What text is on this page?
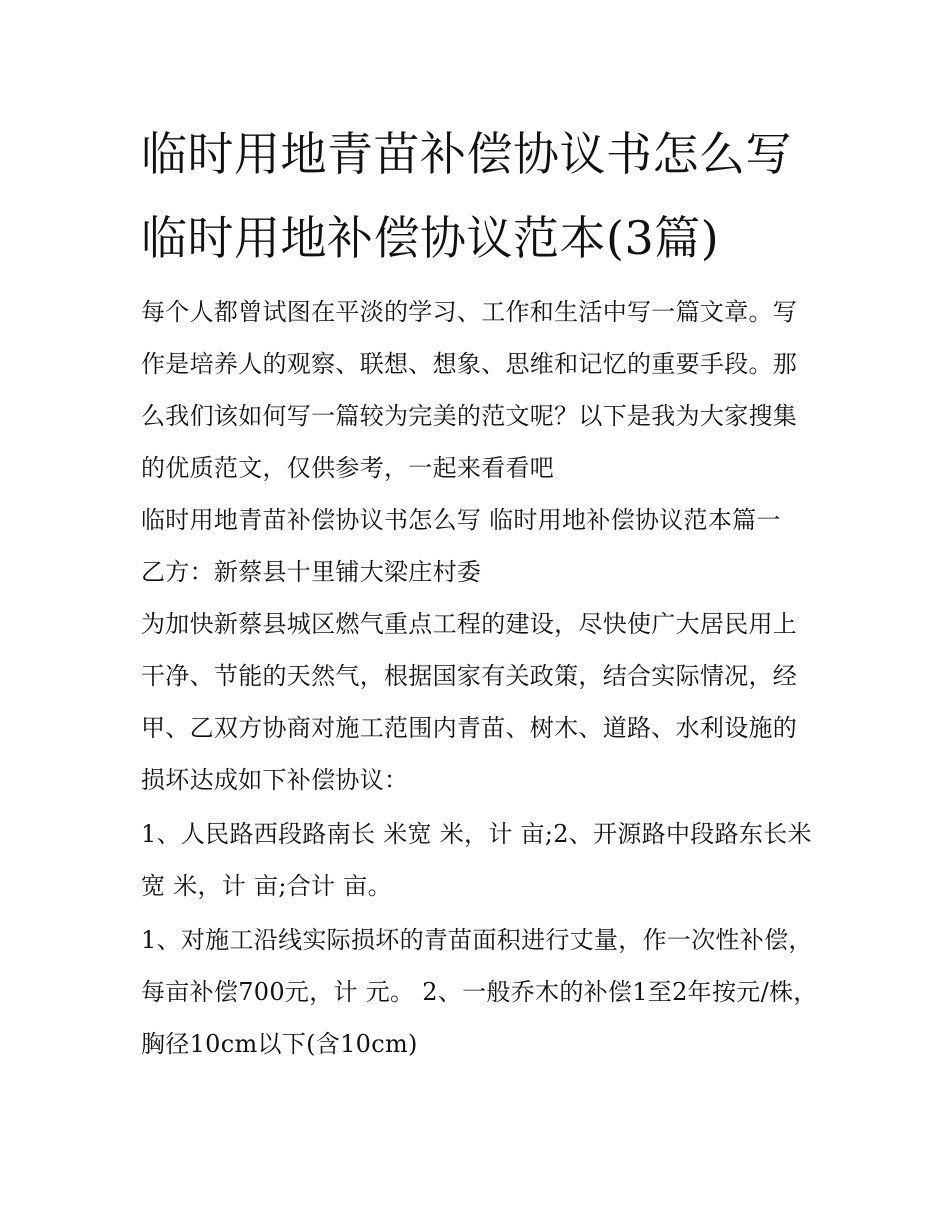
临时用地青苗补偿协议书怎么写 临时用地补偿协议范本(3篇)

每个人都曾试图在平淡的学习、工作和生活中写一篇文章。写作是培养人的观察、联想、想象、思维和记忆的重要手段。那么我们该如何写一篇较为完美的范文呢？以下是我为大家搜集的优质范文，仅供参考，一起来看看吧

临时用地青苗补偿协议书怎么写 临时用地补偿协议范本篇一

乙方：新蔡县十里铺大梁庄村委

为加快新蔡县城区燃气重点工程的建设，尽快使广大居民用上干净、节能的天然气，根据国家有关政策，结合实际情况，经甲、乙双方协商对施工范围内青苗、树木、道路、水利设施的损坏达成如下补偿协议：

1、人民路西段路南长 米宽 米，计 亩;2、开源路中段路东长米宽 米，计 亩;合计 亩。

1、对施工沿线实际损坏的青苗面积进行丈量，作一次性补偿，每亩补偿700元，计 元。 2、一般乔木的补偿1至2年按元/株，胸径10cm以下(含10cm)
